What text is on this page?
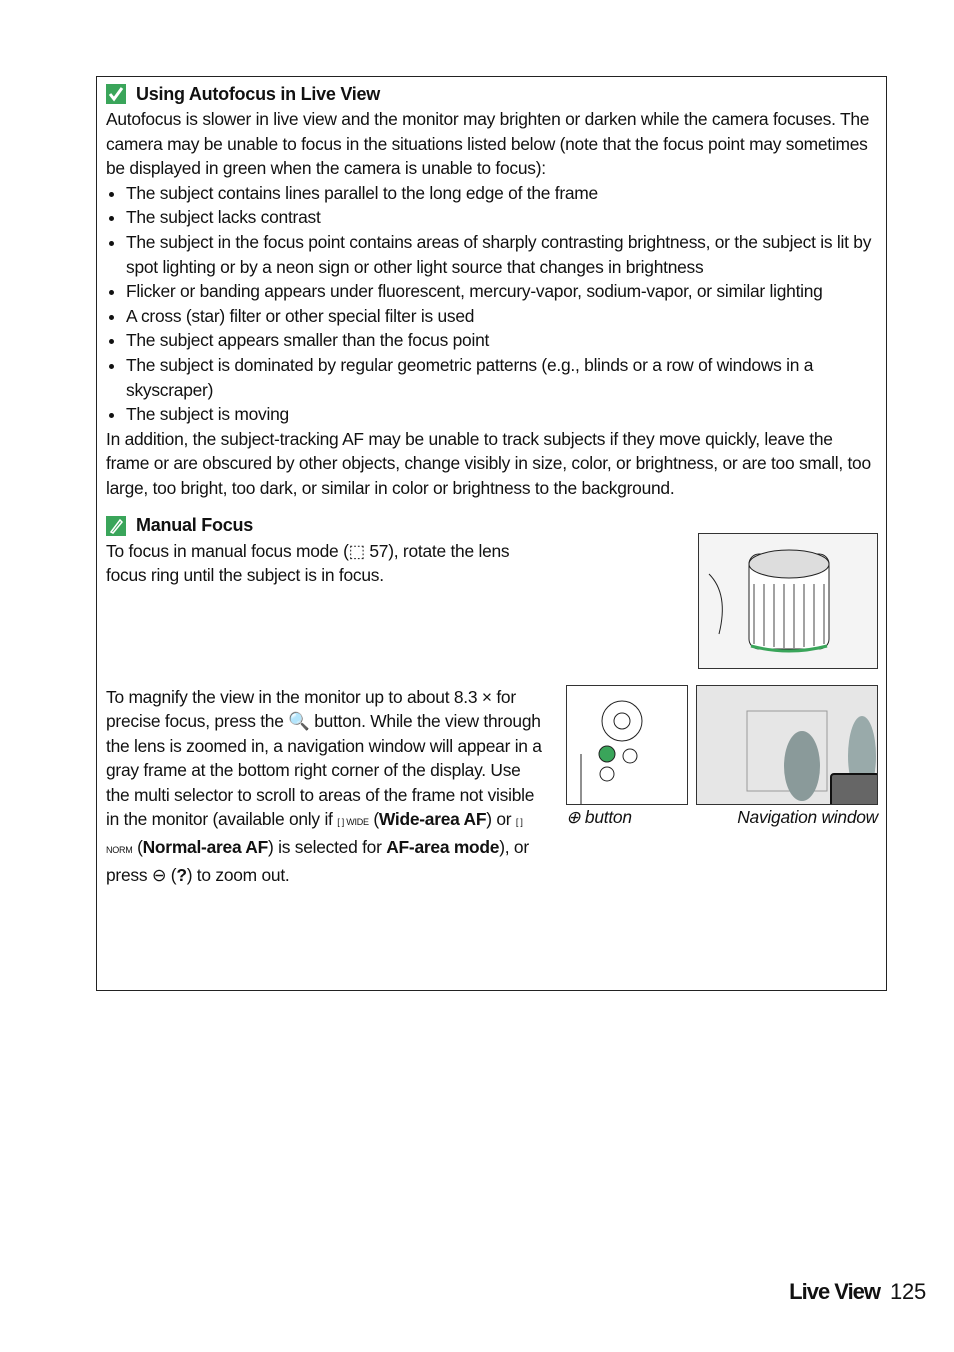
Using Autofocus in Live View

Autofocus is slower in live view and the monitor may brighten or darken while the camera focuses. The camera may be unable to focus in the situations listed below (note that the focus point may sometimes be displayed in green when the camera is unable to focus):

• The subject contains lines parallel to the long edge of the frame
• The subject lacks contrast
• The subject in the focus point contains areas of sharply contrasting brightness, or the subject is lit by spot lighting or by a neon sign or other light source that changes in brightness
• Flicker or banding appears under fluorescent, mercury-vapor, sodium-vapor, or similar lighting
• A cross (star) filter or other special filter is used
• The subject appears smaller than the focus point
• The subject is dominated by regular geometric patterns (e.g., blinds or a row of windows in a skyscraper)
• The subject is moving

In addition, the subject-tracking AF may be unable to track subjects if they move quickly, leave the frame or are obscured by other objects, change visibly in size, color, or brightness, or are too small, too large, too bright, too dark, or similar in color or brightness to the background.

Manual Focus

To focus in manual focus mode (⬚ 57), rotate the lens focus ring until the subject is in focus.

To magnify the view in the monitor up to about 8.3 × for precise focus, press the 🔍 button. While the view through the lens is zoomed in, a navigation window will appear in a gray frame at the bottom right corner of the display. Use the multi selector to scroll to areas of the frame not visible in the monitor (available only if [ ] WIDE (Wide-area AF) or [ ] NORM (Normal-area AF) is selected for AF-area mode), or press ⊖ (?) to zoom out.

⊕ button	Navigation window
Live View 125
